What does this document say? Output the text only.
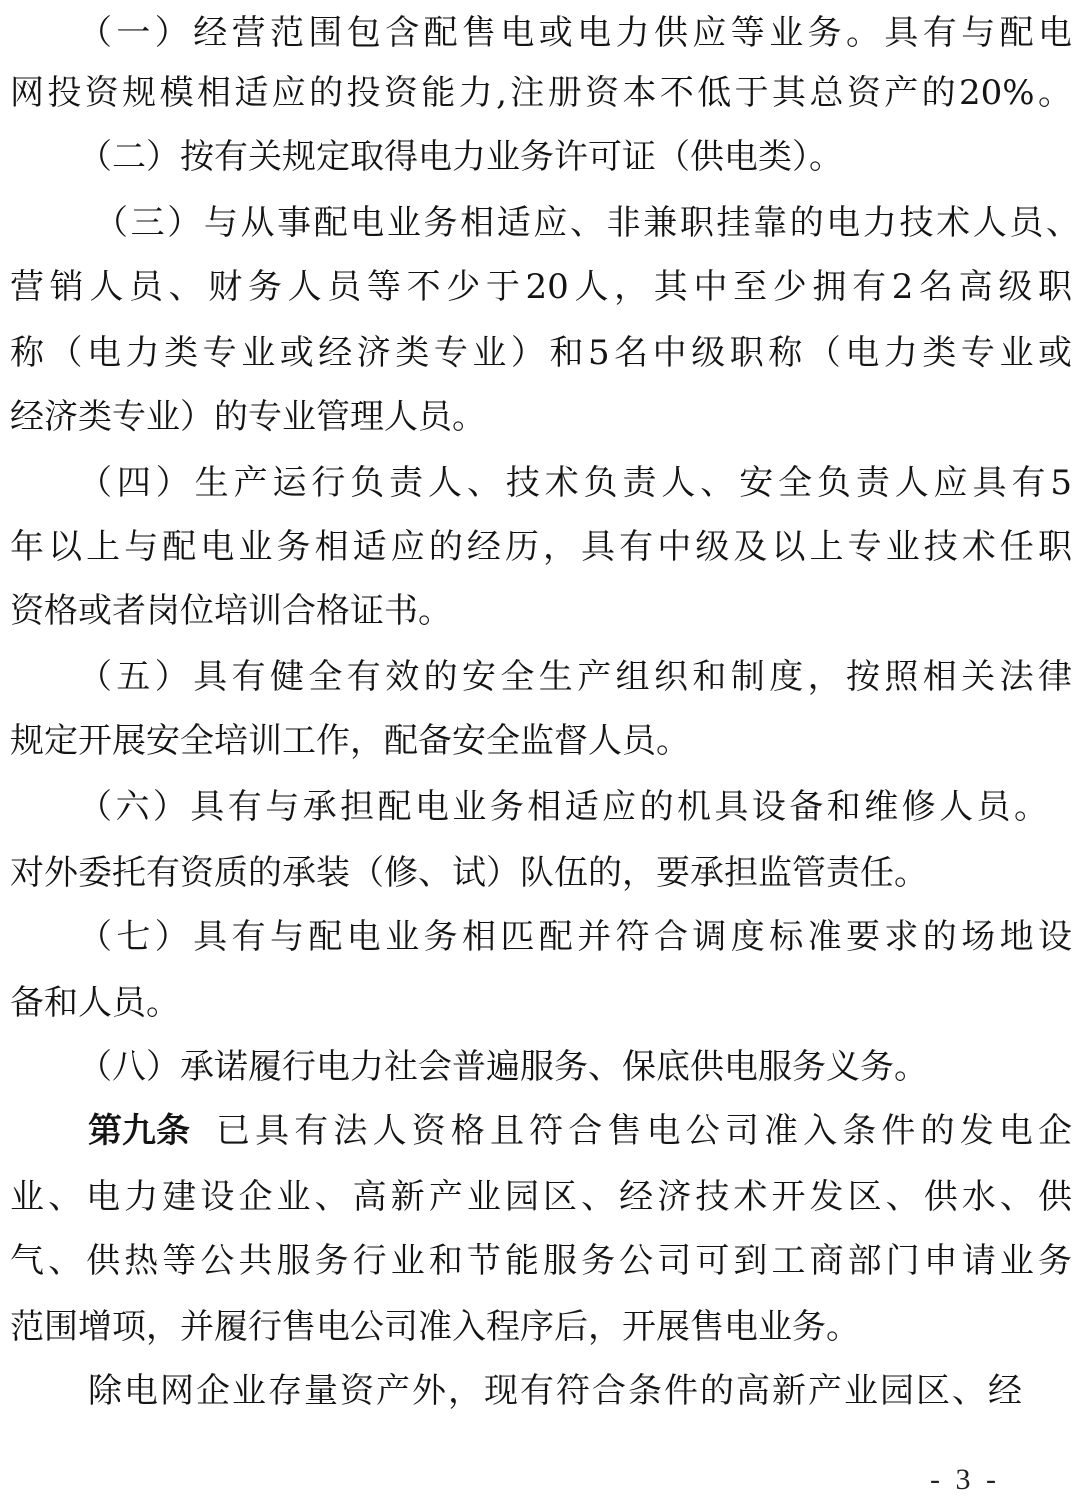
（一）经营范围包含配售电或电力供应等业务。具有与配电
网投资规模相适应的投资能力,注册资本不低于其总资产的20%。
（二）按有关规定取得电力业务许可证（供电类）。
（三）与从事配电业务相适应、非兼职挂靠的电力技术人员、
营销人员、财务人员等不少于20人，其中至少拥有2名高级职
称（电力类专业或经济类专业）和5名中级职称（电力类专业或
经济类专业）的专业管理人员。
（四）生产运行负责人、技术负责人、安全负责人应具有5
年以上与配电业务相适应的经历，具有中级及以上专业技术任职
资格或者岗位培训合格证书。
（五）具有健全有效的安全生产组织和制度，按照相关法律
规定开展安全培训工作，配备安全监督人员。
（六）具有与承担配电业务相适应的机具设备和维修人员。
对外委托有资质的承装（修、试）队伍的，要承担监管责任。
（七）具有与配电业务相匹配并符合调度标准要求的场地设
备和人员。
（八）承诺履行电力社会普遍服务、保底供电服务义务。
第九条 已具有法人资格且符合售电公司准入条件的发电企
业、电力建设企业、高新产业园区、经济技术开发区、供水、供
气、供热等公共服务行业和节能服务公司可到工商部门申请业务
范围增项，并履行售电公司准入程序后，开展售电业务。
除电网企业存量资产外，现有符合条件的高新产业园区、经
- 3 -
